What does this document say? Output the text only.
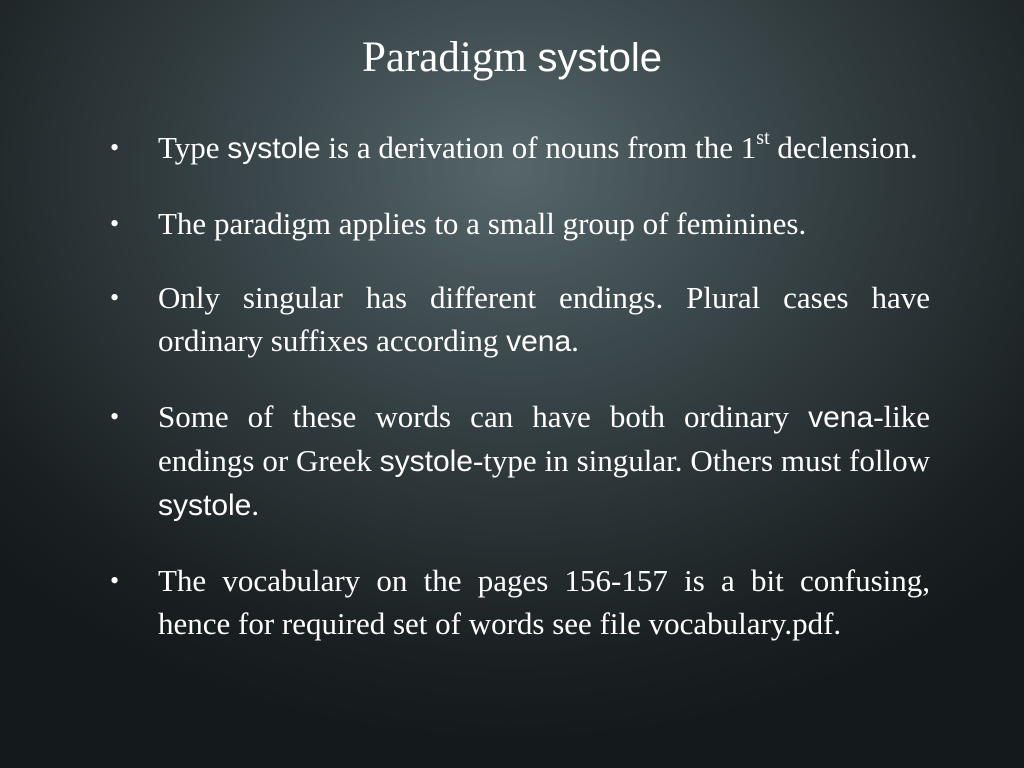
Paradigm systole
•	Type systole is a derivation of nouns from the 1st declension.
•	The paradigm applies to a small group of feminines.
•	Only singular has different endings. Plural cases have ordinary suffixes according vena.
•	Some of these words can have both ordinary vena-like endings or Greek systole-type in singular. Others must follow systole.
•	The vocabulary on the pages 156-157 is a bit confusing, hence for required set of words see file vocabulary.pdf.
